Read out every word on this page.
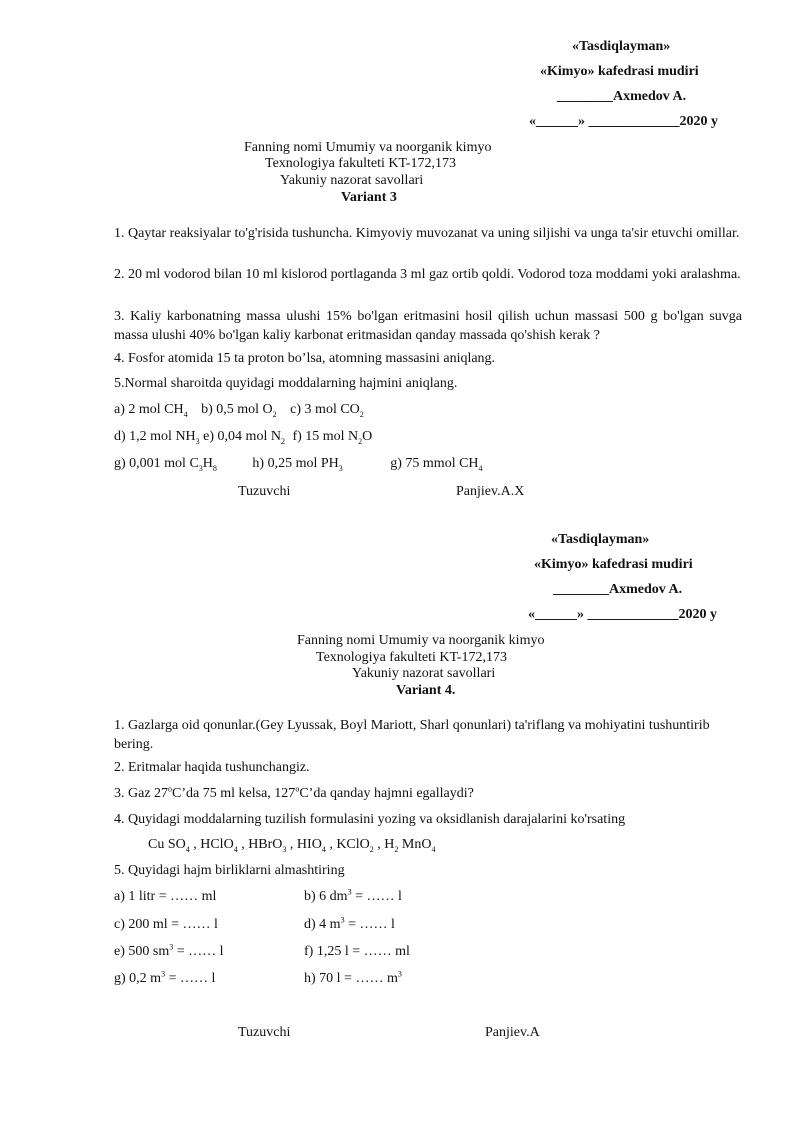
«Tasdiqlayman»
«Kimyo» kafedrasi mudiri
________Axmedov A.
«______» _____________2020 y
Fanning nomi Umumiy va noorganik kimyo
Texnologiya fakulteti KT-172,173
Yakuniy nazorat savollari
Variant 3
1. Qaytar reaksiyalar to'g'risida tushuncha. Kimyoviy muvozanat va uning siljishi va unga ta'sir etuvchi omillar.
2. 20 ml vodorod bilan 10 ml kislorod portlaganda 3 ml gaz ortib qoldi. Vodorod toza moddami yoki aralashma.
3. Kaliy karbonatning massa ulushi 15% bo'lgan eritmasini hosil qilish uchun massasi 500 g bo'lgan suvga massa ulushi 40% bo'lgan kaliy karbonat eritmasidan qanday massada qo'shish kerak ?
4. Fosfor atomida 15 ta proton bo’lsa, atomning massasini aniqlang.
5.Normal sharoitda quyidagi moddalarning hajmini aniqlang.
a) 2 mol $CH_4$ b) 0,5 mol $O_2$ c) 3 mol $CO_2$
d) 1,2 mol $NH_3$ e) 0,04 mol $N_2$ f) 15 mol $N_2O$
g) 0,001 mol $C_3H_8$	h) 0,25 mol $PH_3$	g) 75 mmol $CH_4$
Tuzuvchi	Panjiev.A.X
«Tasdiqlayman»
«Kimyo» kafedrasi mudiri
________Axmedov A.
«______» _____________2020 y
Fanning nomi Umumiy va noorganik kimyo
Texnologiya fakulteti KT-172,173
Yakuniy nazorat savollari
Variant 4.
1. Gazlarga oid qonunlar.(Gey Lyussak, Boyl Mariott, Sharl qonunlari) ta'riflang va mohiyatini tushuntirib bering.
2. Eritmalar haqida tushunchangiz.
3. Gaz 27$^o$C’da 75 ml kelsa, 127$^o$C’da qanday hajmni egallaydi?
4. Quyidagi moddalarning tuzilish formulasini yozing va oksidlanish darajalarini ko'rsating
Cu $SO_4$ , HClO$_4$ , HBrO$_3$ , $HIO_4$ , KClO$_2$ , $H_2$ MnO$_4$
5. Quyidagi hajm birliklarni almashtiring
a) 1 litr = …… ml	b) 6 $dm^3$ = …… l
c) 200 ml = …… l	d) 4 $m^3$ = …… l
e) 500 $sm^3$ = …… l	f) 1,25 l = …… ml
g) 0,2 $m^3$ = …… l	h) 70 l = …… $m^3$
Tuzuvchi	Panjiev.A
